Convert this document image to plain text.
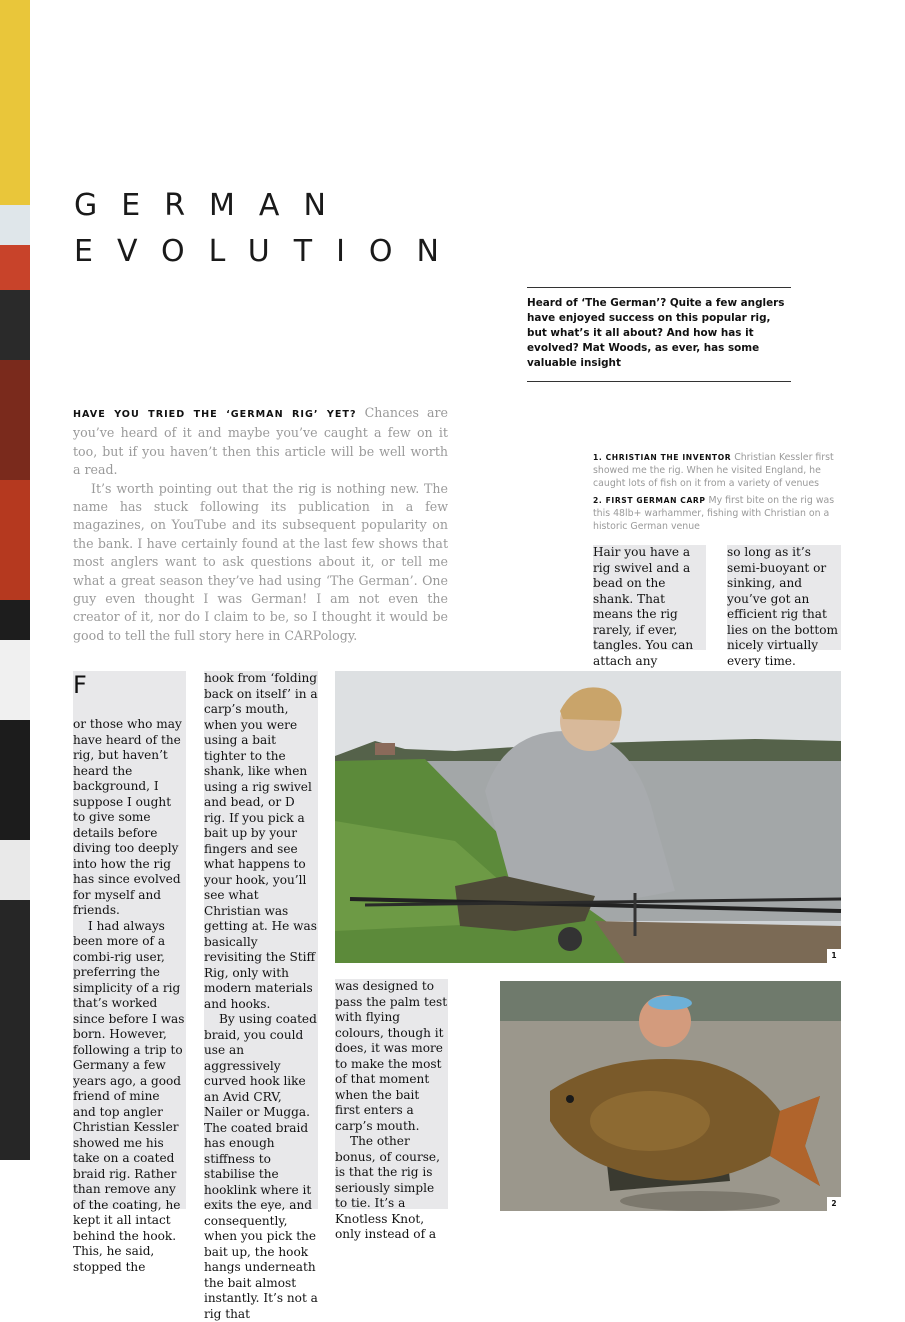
GERMAN
EVOLUTION

Heard of ‘The German’? Quite a few anglers have enjoyed success on this popular rig, but what’s it all about? And how has it evolved? Mat Woods, as ever, has some valuable insight

HAVE YOU TRIED THE ‘GERMAN RIG’ YET? Chances are you’ve heard of it and maybe you’ve caught a few on it too, but if you haven’t then this article will be well worth a read.

It’s worth pointing out that the rig is nothing new. The name has stuck following its publication in a few magazines, on YouTube and its subsequent popularity on the bank. I have certainly found at the last few shows that most anglers want to ask questions about it, or tell me what a great season they’ve had using ‘The German’. One guy even thought I was German! I am not even the creator of it, nor do I claim to be, so I thought it would be good to tell the full story here in CARPology.

1. CHRISTIAN THE INVENTOR Christian Kessler first showed me the rig. When he visited England, he caught lots of fish on it from a variety of venues

2. FIRST GERMAN CARP My first bite on the rig was this 48lb+ warhammer, fishing with Christian on a historic German venue

Hair you have a rig swivel and a bead on the shank. That means the rig rarely, if ever, tangles. You can attach any

so long as it’s semi-buoyant or sinking, and you’ve got an efficient rig that lies on the bottom nicely virtually every time.

F

or those who may have heard of the rig, but haven’t heard the background, I suppose I ought to give some details before diving too deeply into how the rig has since evolved for myself and friends.

I had always been more of a combi-rig user, preferring the simplicity of a rig that’s worked since before I was born. However, following a trip to Germany a few years ago, a good friend of mine and top angler Christian Kessler showed me his take on a coated braid rig. Rather than remove any of the coating, he kept it all intact behind the hook. This, he said, stopped the

hook from ‘folding back on itself’ in a carp’s mouth, when you were using a bait tighter to the shank, like when using a rig swivel and bead, or D rig. If you pick a bait up by your fingers and see what happens to your hook, you’ll see what Christian was getting at. He was basically revisiting the Stiff Rig, only with modern materials and hooks.

By using coated braid, you could use an aggressively curved hook like an Avid CRV, Nailer or Mugga. The coated braid has enough stiffness to stabilise the hooklink where it exits the eye, and consequently, when you pick the bait up, the hook hangs underneath the bait almost instantly. It’s not a rig that

was designed to pass the palm test with flying colours, though it does, it was more to make the most of that moment when the bait first enters a carp’s mouth.

The other bonus, of course, is that the rig is seriously simple to tie. It’s a Knotless Knot, only instead of a

1
2
